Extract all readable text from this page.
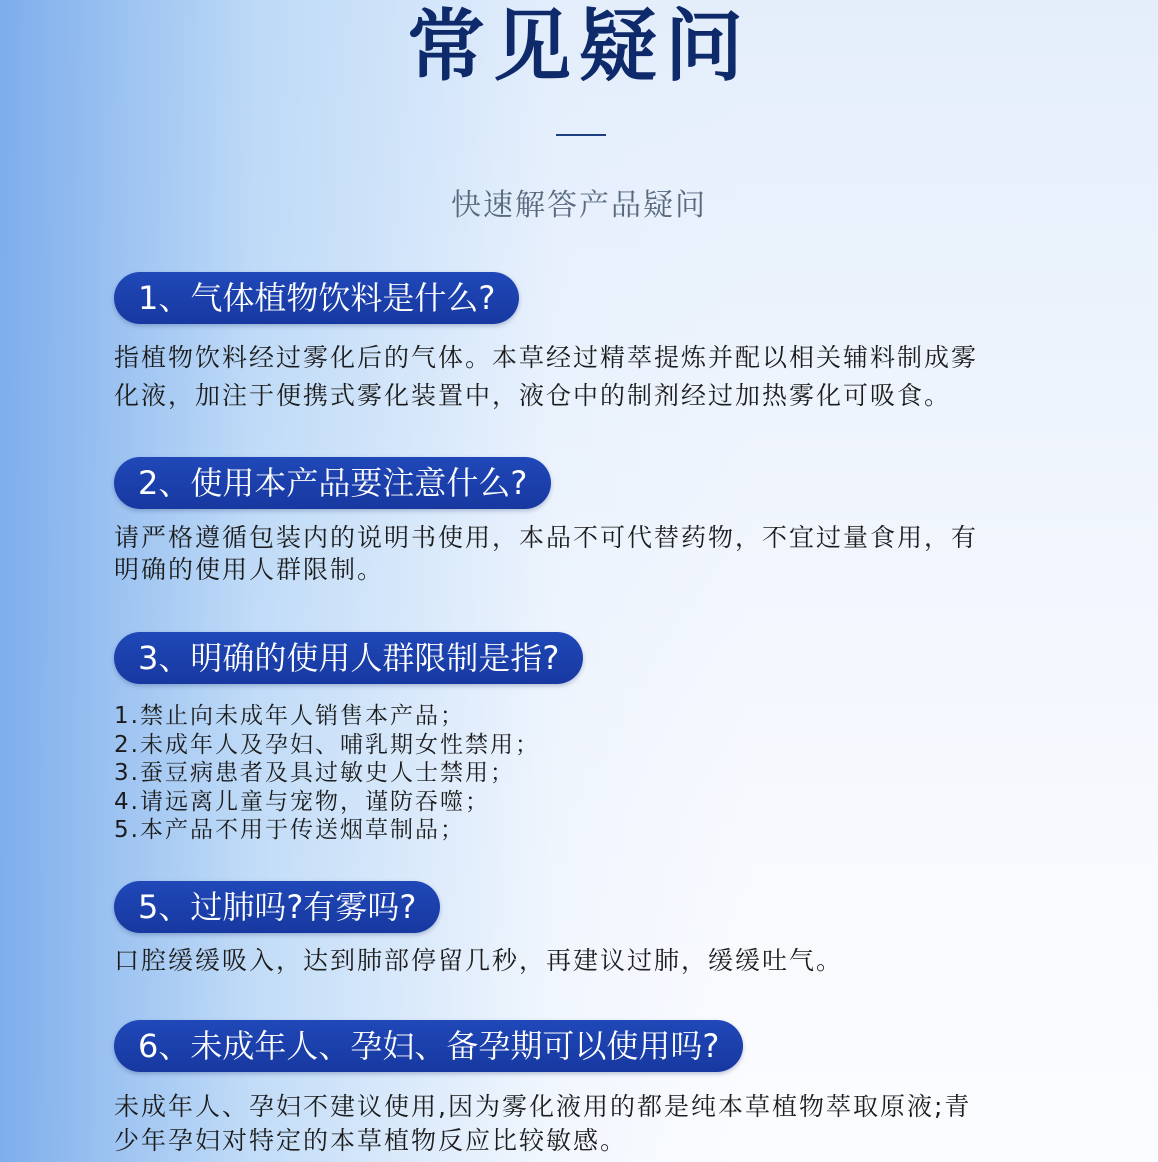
常见疑问
快速解答产品疑问
1、气体植物饮料是什么?

指植物饮料经过雾化后的气体。本草经过精萃提炼并配以相关辅料制成雾

化液，加注于便携式雾化装置中，液仓中的制剂经过加热雾化可吸食。

2、使用本产品要注意什么?

请严格遵循包装内的说明书使用，本品不可代替药物，不宜过量食用，有

明确的使用人群限制。

3、明确的使用人群限制是指?
1.禁止向未成年人销售本产品；
2.未成年人及孕妇、哺乳期女性禁用；
3.蚕豆病患者及具过敏史人士禁用；
4.请远离儿童与宠物，谨防吞噬；
5.本产品不用于传送烟草制品；
5、过肺吗?有雾吗?

口腔缓缓吸入，达到肺部停留几秒，再建议过肺，缓缓吐气。

6、未成年人、孕妇、备孕期可以使用吗?

未成年人、孕妇不建议使用,因为雾化液用的都是纯本草植物萃取原液;青

少年孕妇对特定的本草植物反应比较敏感。
